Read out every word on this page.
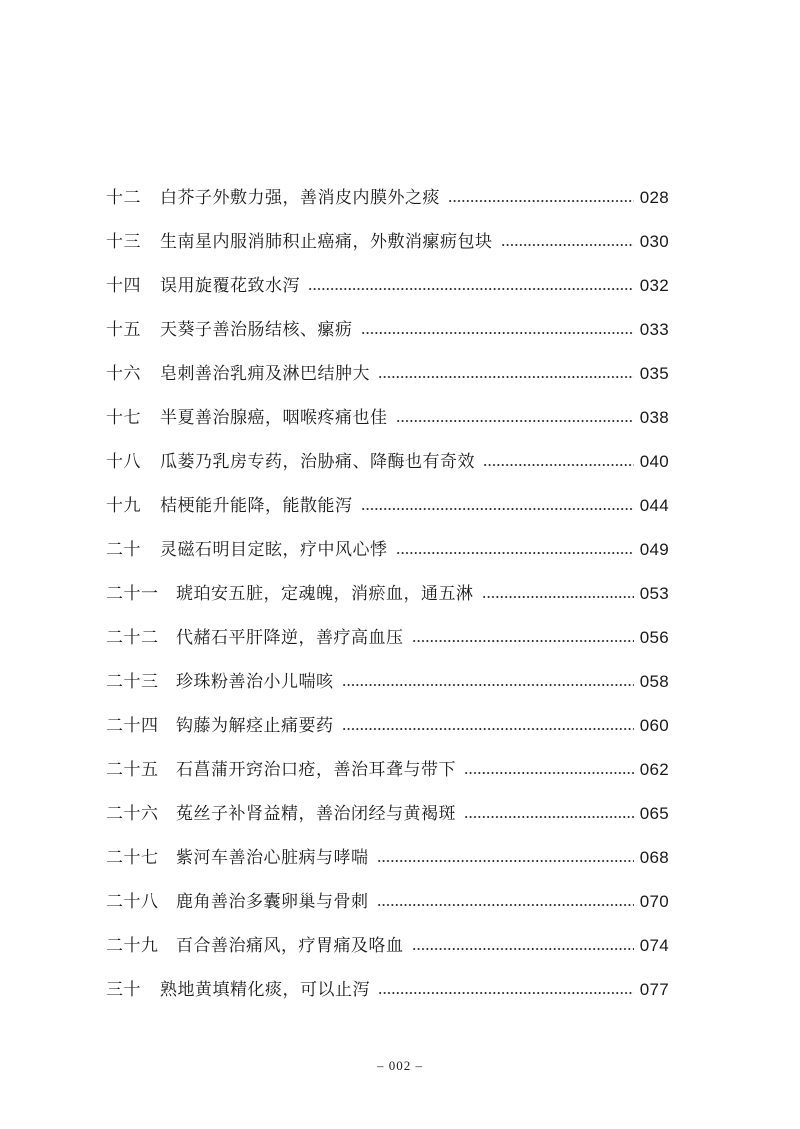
十二	白芥子外敷力强，善消皮内膜外之痰	028
十三	生南星内服消肺积止癌痛，外敷消瘰疬包块	030
十四	误用旋覆花致水泻	032
十五	天葵子善治肠结核、瘰疬	033
十六	皂刺善治乳痈及淋巴结肿大	035
十七	半夏善治腺癌，咽喉疼痛也佳	038
十八	瓜蒌乃乳房专药，治胁痛、降酶也有奇效	040
十九	桔梗能升能降，能散能泻	044
二十	灵磁石明目定眩，疗中风心悸	049
二十一	琥珀安五脏，定魂魄，消瘀血，通五淋	053
二十二	代赭石平肝降逆，善疗高血压	056
二十三	珍珠粉善治小儿喘咳	058
二十四	钩藤为解痉止痛要药	060
二十五	石菖蒲开窍治口疮，善治耳聋与带下	062
二十六	菟丝子补肾益精，善治闭经与黄褐斑	065
二十七	紫河车善治心脏病与哮喘	068
二十八	鹿角善治多囊卵巢与骨刺	070
二十九	百合善治痛风，疗胃痛及咯血	074
三十	熟地黄填精化痰，可以止泻	077
– 002 –
